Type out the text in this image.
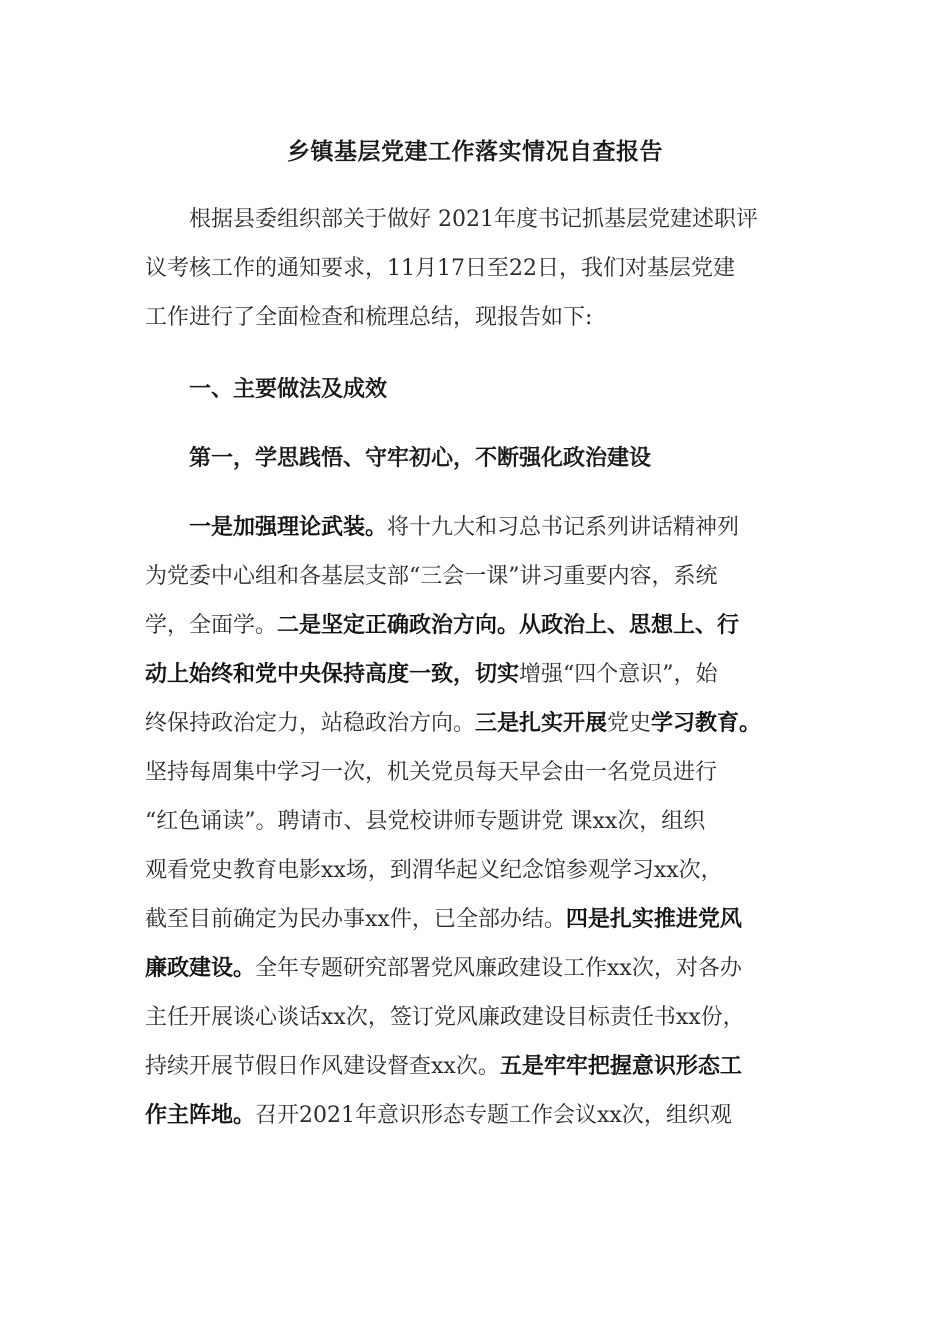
乡镇基层党建工作落实情况自查报告
根据县委组织部关于做好 2021年度书记抓基层党建述职评
议考核工作的通知要求，11月17日至22日，我们对基层党建
工作进行了全面检查和梳理总结，现报告如下:
一、主要做法及成效
第一，学思践悟、守牢初心，不断强化政治建设
一是加强理论武装。将十九大和习总书记系列讲话精神列
为党委中心组和各基层支部“三会一课”讲习重要内容，系统
学，全面学。二是坚定正确政治方向。从政治上、思想上、行
动上始终和党中央保持高度一致，切实增强“四个意识”，始
终保持政治定力，站稳政治方向。三是扎实开展党史学习教育。
坚持每周集中学习一次，机关党员每天早会由一名党员进行
“红色诵读”。聘请市、县党校讲师专题讲党 课xx次，组织
观看党史教育电影xx场，到渭华起义纪念馆参观学习xx次，
截至目前确定为民办事xx件，已全部办结。四是扎实推进党风
廉政建设。全年专题研究部署党风廉政建设工作xx次，对各办
主任开展谈心谈话xx次，签订党风廉政建设目标责任书xx份，
持续开展节假日作风建设督查xx次。五是牢牢把握意识形态工
作主阵地。召开2021年意识形态专题工作会议xx次，组织观
